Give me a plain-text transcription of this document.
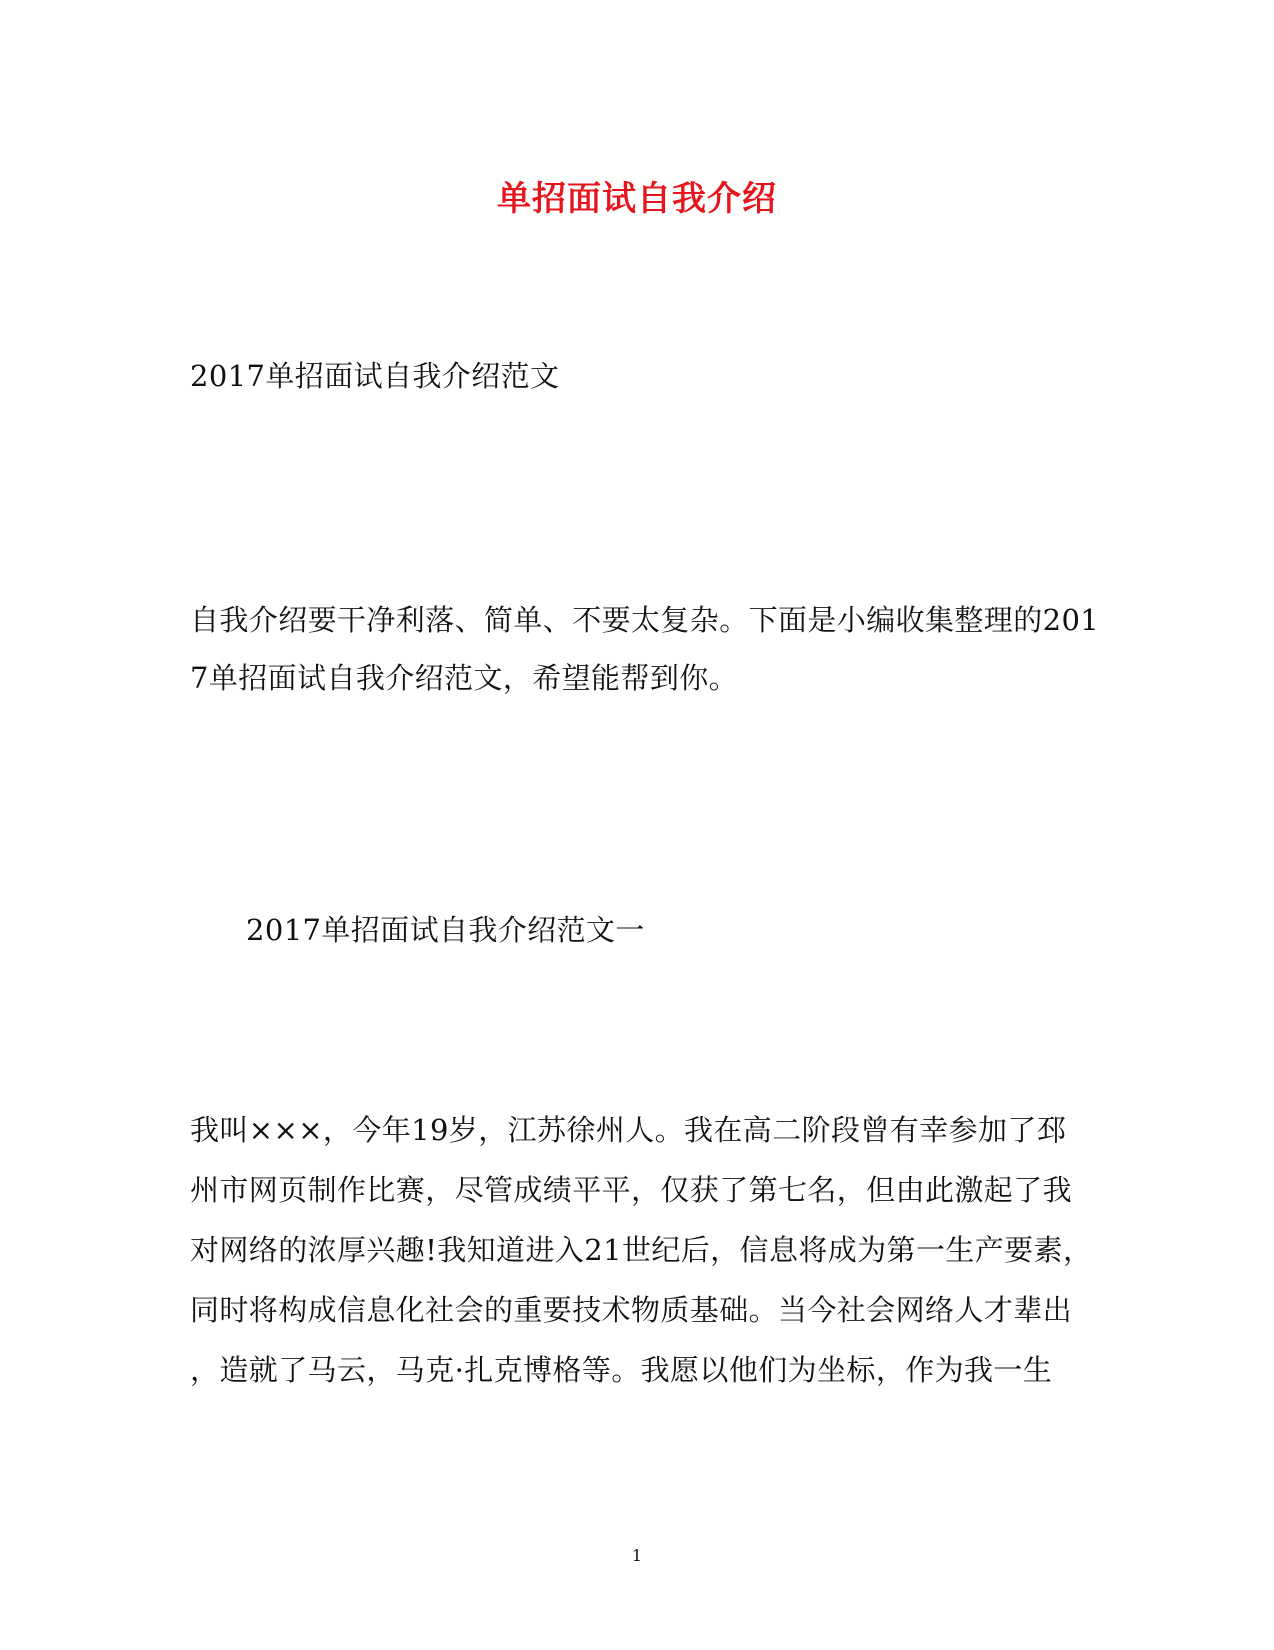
单招面试自我介绍
2017单招面试自我介绍范文
自我介绍要干净利落、简单、不要太复杂。下面是小编收集整理的201
7单招面试自我介绍范文，希望能帮到你。
2017单招面试自我介绍范文一
我叫×××，今年19岁，江苏徐州人。我在高二阶段曾有幸参加了邳
州市网页制作比赛，尽管成绩平平，仅获了第七名，但由此激起了我
对网络的浓厚兴趣!我知道进入21世纪后，信息将成为第一生产要素，
同时将构成信息化社会的重要技术物质基础。当今社会网络人才辈出
，造就了马云，马克·扎克博格等。我愿以他们为坐标，作为我一生
1
